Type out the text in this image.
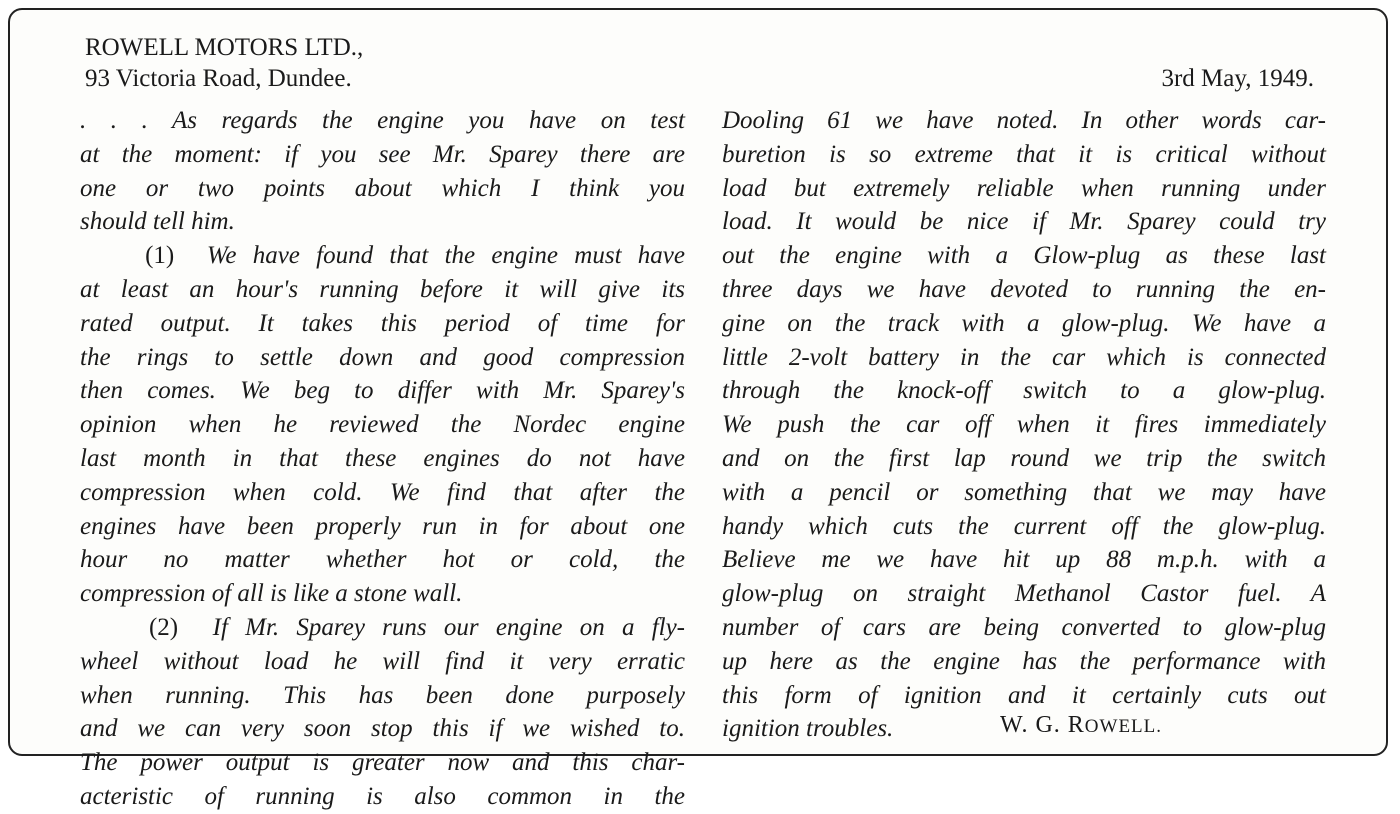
ROWELL MOTORS LTD.,
93 Victoria Road, Dundee.	3rd May, 1949.
. . . As regards the engine you have on test
at the moment: if you see Mr. Sparey there are
one or two points about which I think you
should tell him.
(1)  We have found that the engine must have
at least an hour's running before it will give its
rated output. It takes this period of time for
the rings to settle down and good compression
then comes. We beg to differ with Mr. Sparey's
opinion when he reviewed the Nordec engine
last month in that these engines do not have
compression when cold. We find that after the
engines have been properly run in for about one
hour no matter whether hot or cold, the
compression of all is like a stone wall.
(2)  If Mr. Sparey runs our engine on a fly-
wheel without load he will find it very erratic
when running. This has been done purposely
and we can very soon stop this if we wished to.
The power output is greater now and this char-
acteristic of running is also common in the
Dooling 61 we have noted. In other words car-
buretion is so extreme that it is critical without
load but extremely reliable when running under
load. It would be nice if Mr. Sparey could try
out the engine with a Glow-plug as these last
three days we have devoted to running the en-
gine on the track with a glow-plug. We have a
little 2-volt battery in the car which is connected
through the knock-off switch to a glow-plug.
We push the car off when it fires immediately
and on the first lap round we trip the switch
with a pencil or something that we may have
handy which cuts the current off the glow-plug.
Believe me we have hit up 88 m.p.h. with a
glow-plug on straight Methanol Castor fuel. A
number of cars are being converted to glow-plug
up here as the engine has the performance with
this form of ignition and it certainly cuts out
ignition troubles.	W. G. ROWELL.
